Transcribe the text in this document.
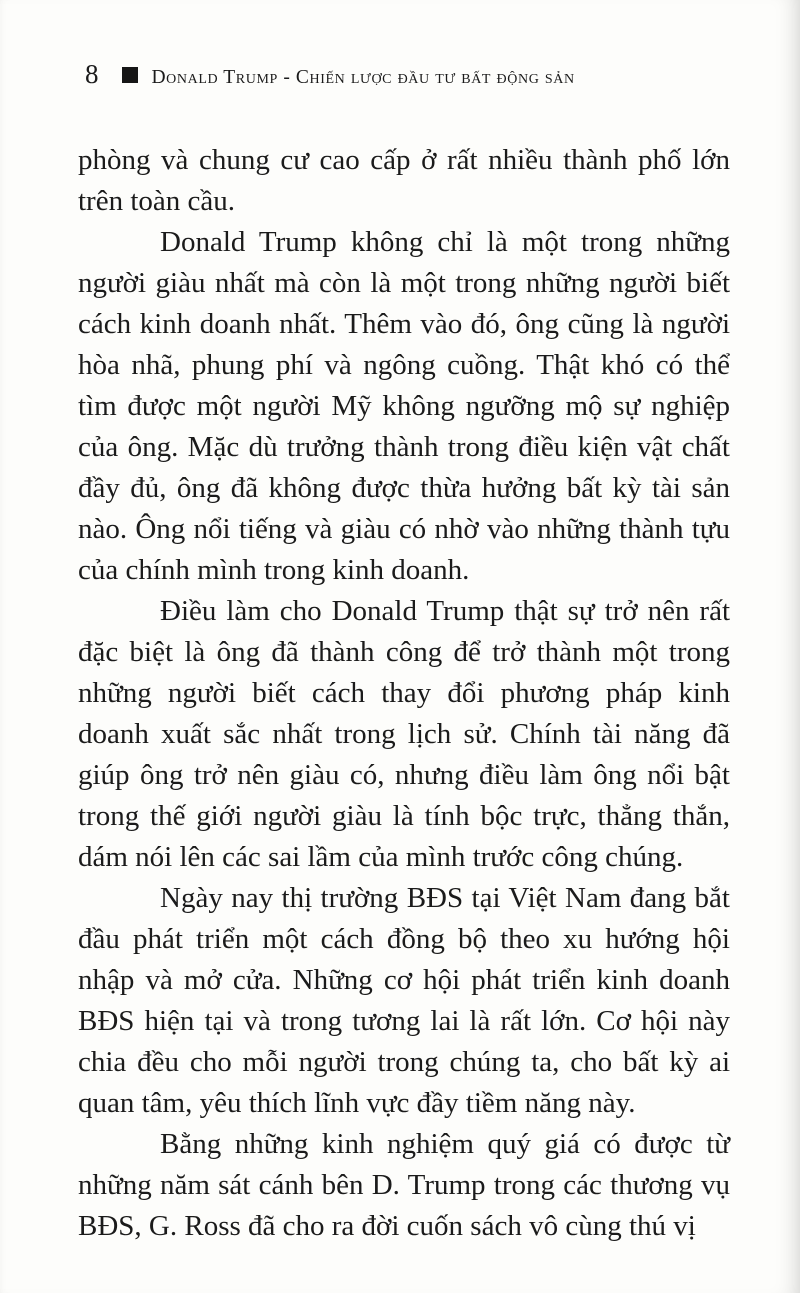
8	Donald Trump - Chiến lược đầu tư bất động sản

phòng và chung cư cao cấp ở rất nhiều thành phố lớn trên toàn cầu.

Donald Trump không chỉ là một trong những người giàu nhất mà còn là một trong những người biết cách kinh doanh nhất. Thêm vào đó, ông cũng là người hòa nhã, phung phí và ngông cuồng. Thật khó có thể tìm được một người Mỹ không ngưỡng mộ sự nghiệp của ông. Mặc dù trưởng thành trong điều kiện vật chất đầy đủ, ông đã không được thừa hưởng bất kỳ tài sản nào. Ông nổi tiếng và giàu có nhờ vào những thành tựu của chính mình trong kinh doanh.

Điều làm cho Donald Trump thật sự trở nên rất đặc biệt là ông đã thành công để trở thành một trong những người biết cách thay đổi phương pháp kinh doanh xuất sắc nhất trong lịch sử. Chính tài năng đã giúp ông trở nên giàu có, nhưng điều làm ông nổi bật trong thế giới người giàu là tính bộc trực, thẳng thắn, dám nói lên các sai lầm của mình trước công chúng.

Ngày nay thị trường BĐS tại Việt Nam đang bắt đầu phát triển một cách đồng bộ theo xu hướng hội nhập và mở cửa. Những cơ hội phát triển kinh doanh BĐS hiện tại và trong tương lai là rất lớn. Cơ hội này chia đều cho mỗi người trong chúng ta, cho bất kỳ ai quan tâm, yêu thích lĩnh vực đầy tiềm năng này.

Bằng những kinh nghiệm quý giá có được từ những năm sát cánh bên D. Trump trong các thương vụ BĐS, G. Ross đã cho ra đời cuốn sách vô cùng thú vị
